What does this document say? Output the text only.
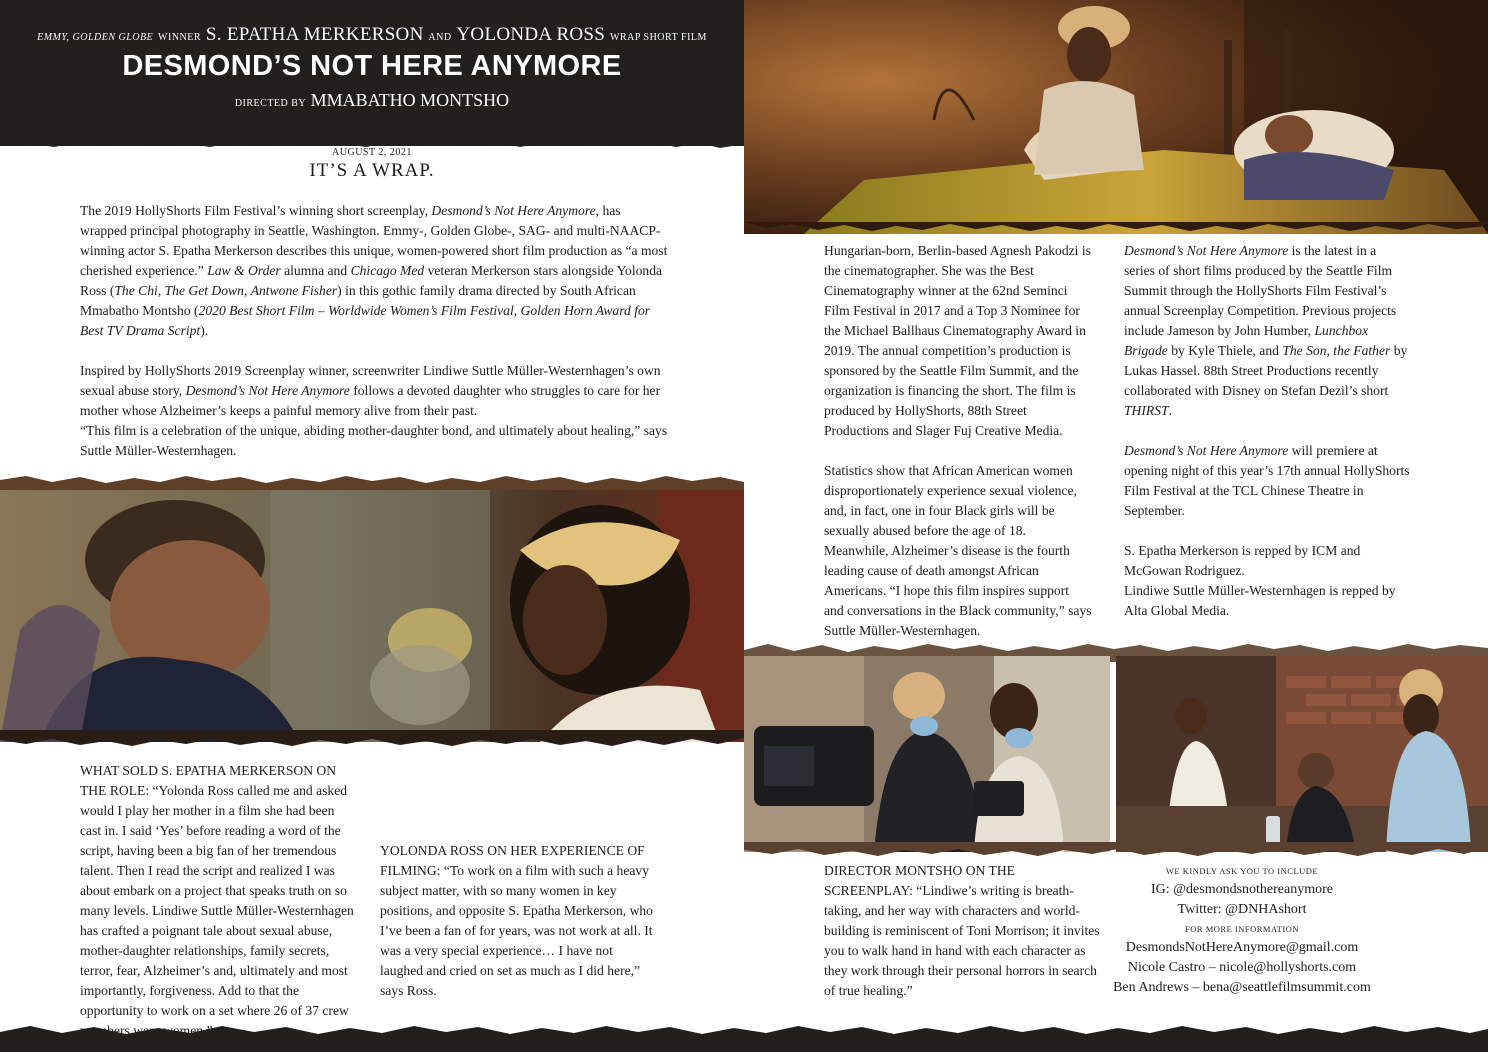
EMMY, GOLDEN GLOBE WINNER S. EPATHA MERKERSON AND YOLONDA ROSS WRAP SHORT FILM
DESMOND’S NOT HERE ANYMORE
DIRECTED BY MMABATHO MONTSHO
AUGUST 2, 2021
IT’S A WRAP.

The 2019 HollyShorts Film Festival’s winning short screenplay, Desmond’s Not Here Anymore, has wrapped principal photography in Seattle, Washington. Emmy-, Golden Globe-, SAG- and multi-NAACP-winning actor S. Epatha Merkerson describes this unique, women-powered short film production as “a most cherished experience.” Law & Order alumna and Chicago Med veteran Merkerson stars alongside Yolonda Ross (The Chi, The Get Down, Antwone Fisher) in this gothic family drama directed by South African Mmabatho Montsho (2020 Best Short Film – Worldwide Women’s Film Festival, Golden Horn Award for Best TV Drama Script).

Inspired by HollyShorts 2019 Screenplay winner, screenwriter Lindiwe Suttle Müller-Westernhagen’s own sexual abuse story, Desmond’s Not Here Anymore follows a devoted daughter who struggles to care for her mother whose Alzheimer’s keeps a painful memory alive from their past.

“This film is a celebration of the unique, abiding mother-daughter bond, and ultimately about healing,” says Suttle Müller-Westernhagen.

WHAT SOLD S. EPATHA MERKERSON ON THE ROLE: “Yolonda Ross called me and asked would I play her mother in a film she had been cast in. I said ‘Yes’ before reading a word of the script, having been a big fan of her tremendous talent. Then I read the script and realized I was about embark on a project that speaks truth on so many levels. Lindiwe Suttle Müller-Westernhagen has crafted a poignant tale about sexual abuse, mother-daughter relationships, family secrets, terror, fear, Alzheimer’s and, ultimately and most importantly, forgiveness. Add to that the opportunity to work on a set where 26 of 37 crew women.”

YOLONDA ROSS ON HER EXPERIENCE OF FILMING: “To work on a film with such a heavy subject matter, with so many women in key positions, and opposite S. Epatha Merkerson, who I’ve been a fan of for years, was not work at all. It was a very special experience… I have not laughed and cried on set as much as I did here,” says Ross.

Hungarian-born, Berlin-based Agnesh Pakodzi is the cinematographer. She was the Best Cinematography winner at the 62nd Seminci Film Festival in 2017 and a Top 3 Nominee for the Michael Ballhaus Cinematography Award in 2019. The annual competition’s production is sponsored by the Seattle Film Summit, and the organization is financing the short. The film is produced by HollyShorts, 88th Street Productions and Slager Fuj Creative Media.

Statistics show that African American women disproportionately experience sexual violence, and, in fact, one in four Black girls will be sexually abused before the age of 18. Meanwhile, Alzheimer’s disease is the fourth leading cause of death amongst African Americans. “I hope this film inspires support and conversations in the Black community,” says Suttle Müller-Westernhagen.

Desmond’s Not Here Anymore is the latest in a series of short films produced by the Seattle Film Summit through the HollyShorts Film Festival’s annual Screenplay Competition. Previous projects include Jameson by John Humber, Lunchbox Brigade by Kyle Thiele, and The Son, the Father by Lukas Hassel. 88th Street Productions recently collaborated with Disney on Stefan Dezil’s short THIRST.

Desmond’s Not Here Anymore will premiere at opening night of this year’s 17th annual HollyShorts Film Festival at the TCL Chinese Theatre in September.

S. Epatha Merkerson is repped by ICM and McGowan Rodriguez.

Lindiwe Suttle Müller-Westernhagen is repped by Alta Global Media.

DIRECTOR MONTSHO ON THE SCREENPLAY: “Lindiwe’s writing is breath-taking, and her way with characters and world-building is reminiscent of Toni Morrison; it invites you to walk hand in hand with each character as they work through their personal horrors in search of true healing.”

WE KINDLY ASK YOU TO INCLUDE
IG: @desmondsnothereanymore
Twitter: @DNHAshort
FOR MORE INFORMATION
DesmondsNotHereAnymore@gmail.com
Nicole Castro – nicole@hollyshorts.com
Ben Andrews – bena@seattlefilmsummit.com
